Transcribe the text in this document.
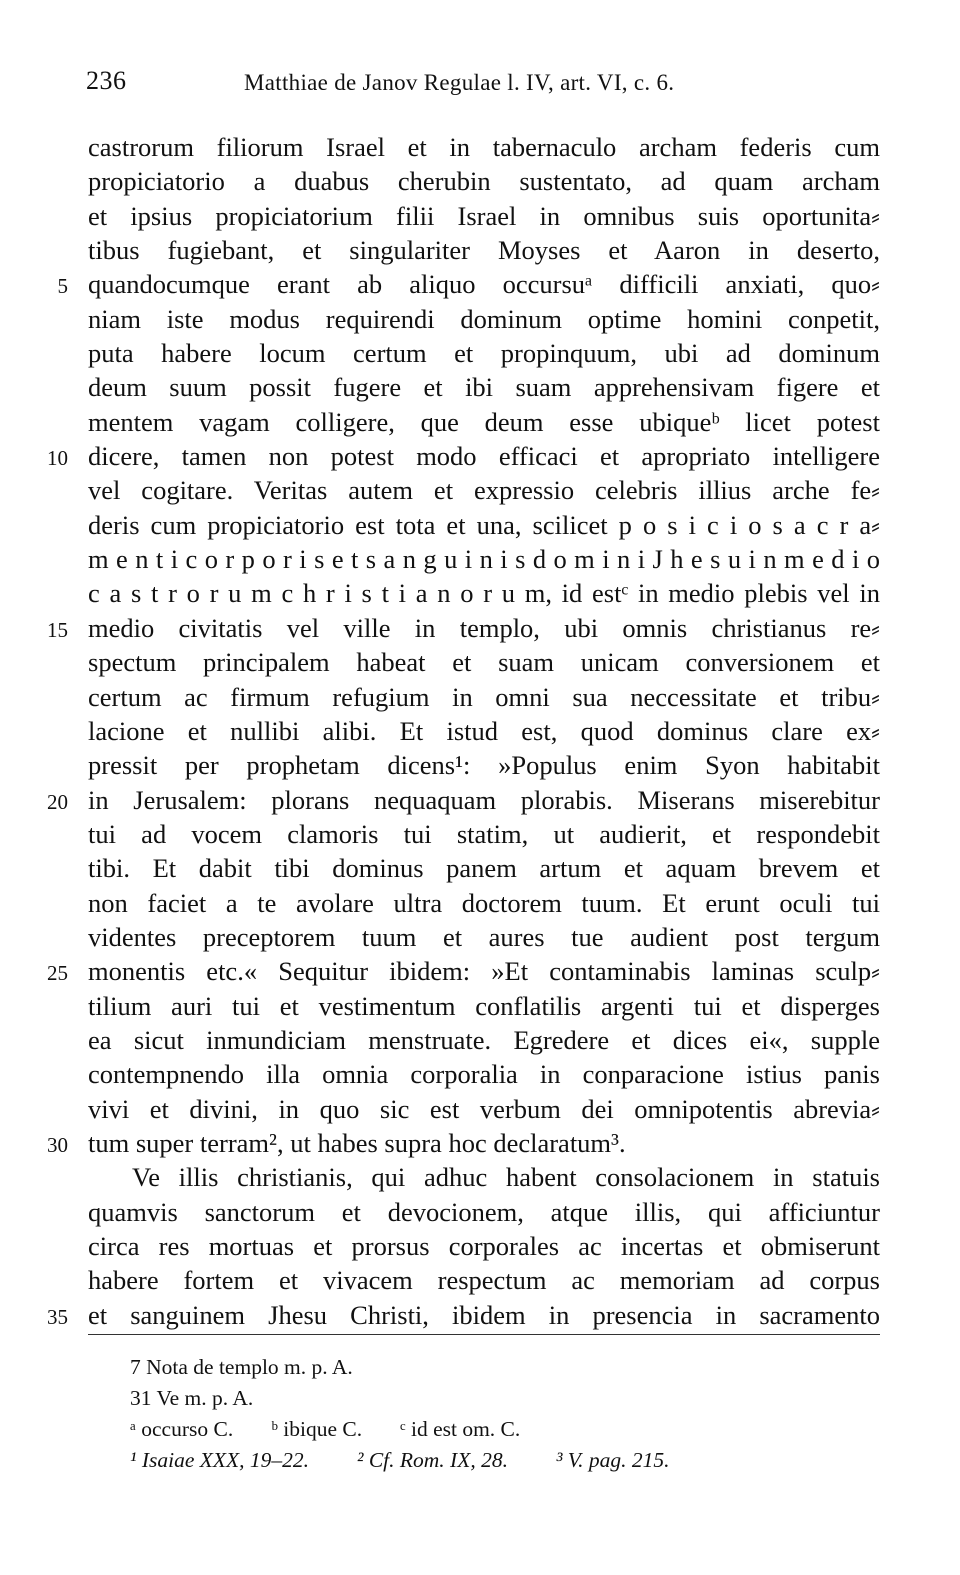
236	Matthiae de Janov Regulae l. IV, art. VI, c. 6.
castrorum filiorum Israel et in tabernaculo archam federis cum
propiciatorio a duabus cherubin sustentato, ad quam archam
et ipsius propiciatorium filii Israel in omnibus suis oportunita⸗
tibus fugiebant, et singulariter Moyses et Aaron in deserto,
5 quandocumque erant ab aliquo occursuᵃ difficili anxiati, quo⸗
niam iste modus requirendi dominum optime homini conpetit,
puta habere locum certum et propinquum, ubi ad dominum
deum suum possit fugere et ibi suam apprehensivam figere et
mentem vagam colligere, que deum esse ubiqueᵇ licet potest
10 dicere, tamen non potest modo efficaci et apropriato intelligere
vel cogitare. Veritas autem et expressio celebris illius arche fe⸗
deris cum propiciatorio est tota et una, scilicet p o s i c i o s a c r a⸗
m e n t i c o r p o r i s e t s a n g u i n i s d o m i n i J h e s u i n m e d i o
c a s t r o r u m c h r i s t i a n o r u m, id estᶜ in medio plebis vel in
15 medio civitatis vel ville in templo, ubi omnis christianus re⸗
spectum principalem habeat et suam unicam conversionem et
certum ac firmum refugium in omni sua neccessitate et tribu⸗
lacione et nullibi alibi. Et istud est, quod dominus clare ex⸗
pressit per prophetam dicens¹: »Populus enim Syon habitabit
20 in Jerusalem: plorans nequaquam plorabis. Miserans miserebitur
tui ad vocem clamoris tui statim, ut audierit, et respondebit
tibi. Et dabit tibi dominus panem artum et aquam brevem et
non faciet a te avolare ultra doctorem tuum. Et erunt oculi tui
videntes preceptorem tuum et aures tue audient post tergum
25 monentis etc.« Sequitur ibidem: »Et contaminabis laminas sculp⸗
tilium auri tui et vestimentum conflatilis argenti tui et disperges
ea sicut inmundiciam menstruate. Egredere et dices ei«, supple
contempnendo illa omnia corporalia in conparacione istius panis
vivi et divini, in quo sic est verbum dei omnipotentis abrevia⸗
30 tum super terram², ut habes supra hoc declaratum³.
Ve illis christianis, qui adhuc habent consolacionem in statuis
quamvis sanctorum et devocionem, atque illis, qui afficiuntur
circa res mortuas et prorsus corporales ac incertas et obmiserunt
habere fortem et vivacem respectum ac memoriam ad corpus
35 et sanguinem Jhesu Christi, ibidem in presencia in sacramento
7 Nota de templo m. p. A.
31 Ve m. p. A.
ᵃ occurso C. ᵇ ibique C. ᶜ id est om. C.
¹ Isaiae XXX, 19–22. ² Cf. Rom. IX, 28. ³ V. pag. 215.
